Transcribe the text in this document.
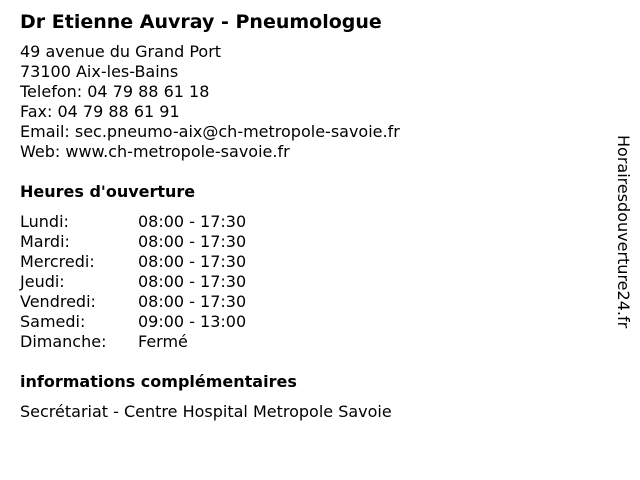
Dr Etienne Auvray - Pneumologue
49 avenue du Grand Port
73100 Aix-les-Bains
Telefon: 04 79 88 61 18
Fax: 04 79 88 61 91
Email: sec.pneumo-aix@ch-metropole-savoie.fr
Web: www.ch-metropole-savoie.fr
Heures d'ouverture
Lundi:	08:00 - 17:30
Mardi:	08:00 - 17:30
Mercredi:	08:00 - 17:30
Jeudi:	08:00 - 17:30
Vendredi:	08:00 - 17:30
Samedi:	09:00 - 13:00
Dimanche:	Fermé
informations complémentaires
Secrétariat - Centre Hospital Metropole Savoie
Horairesdouverture24.fr
